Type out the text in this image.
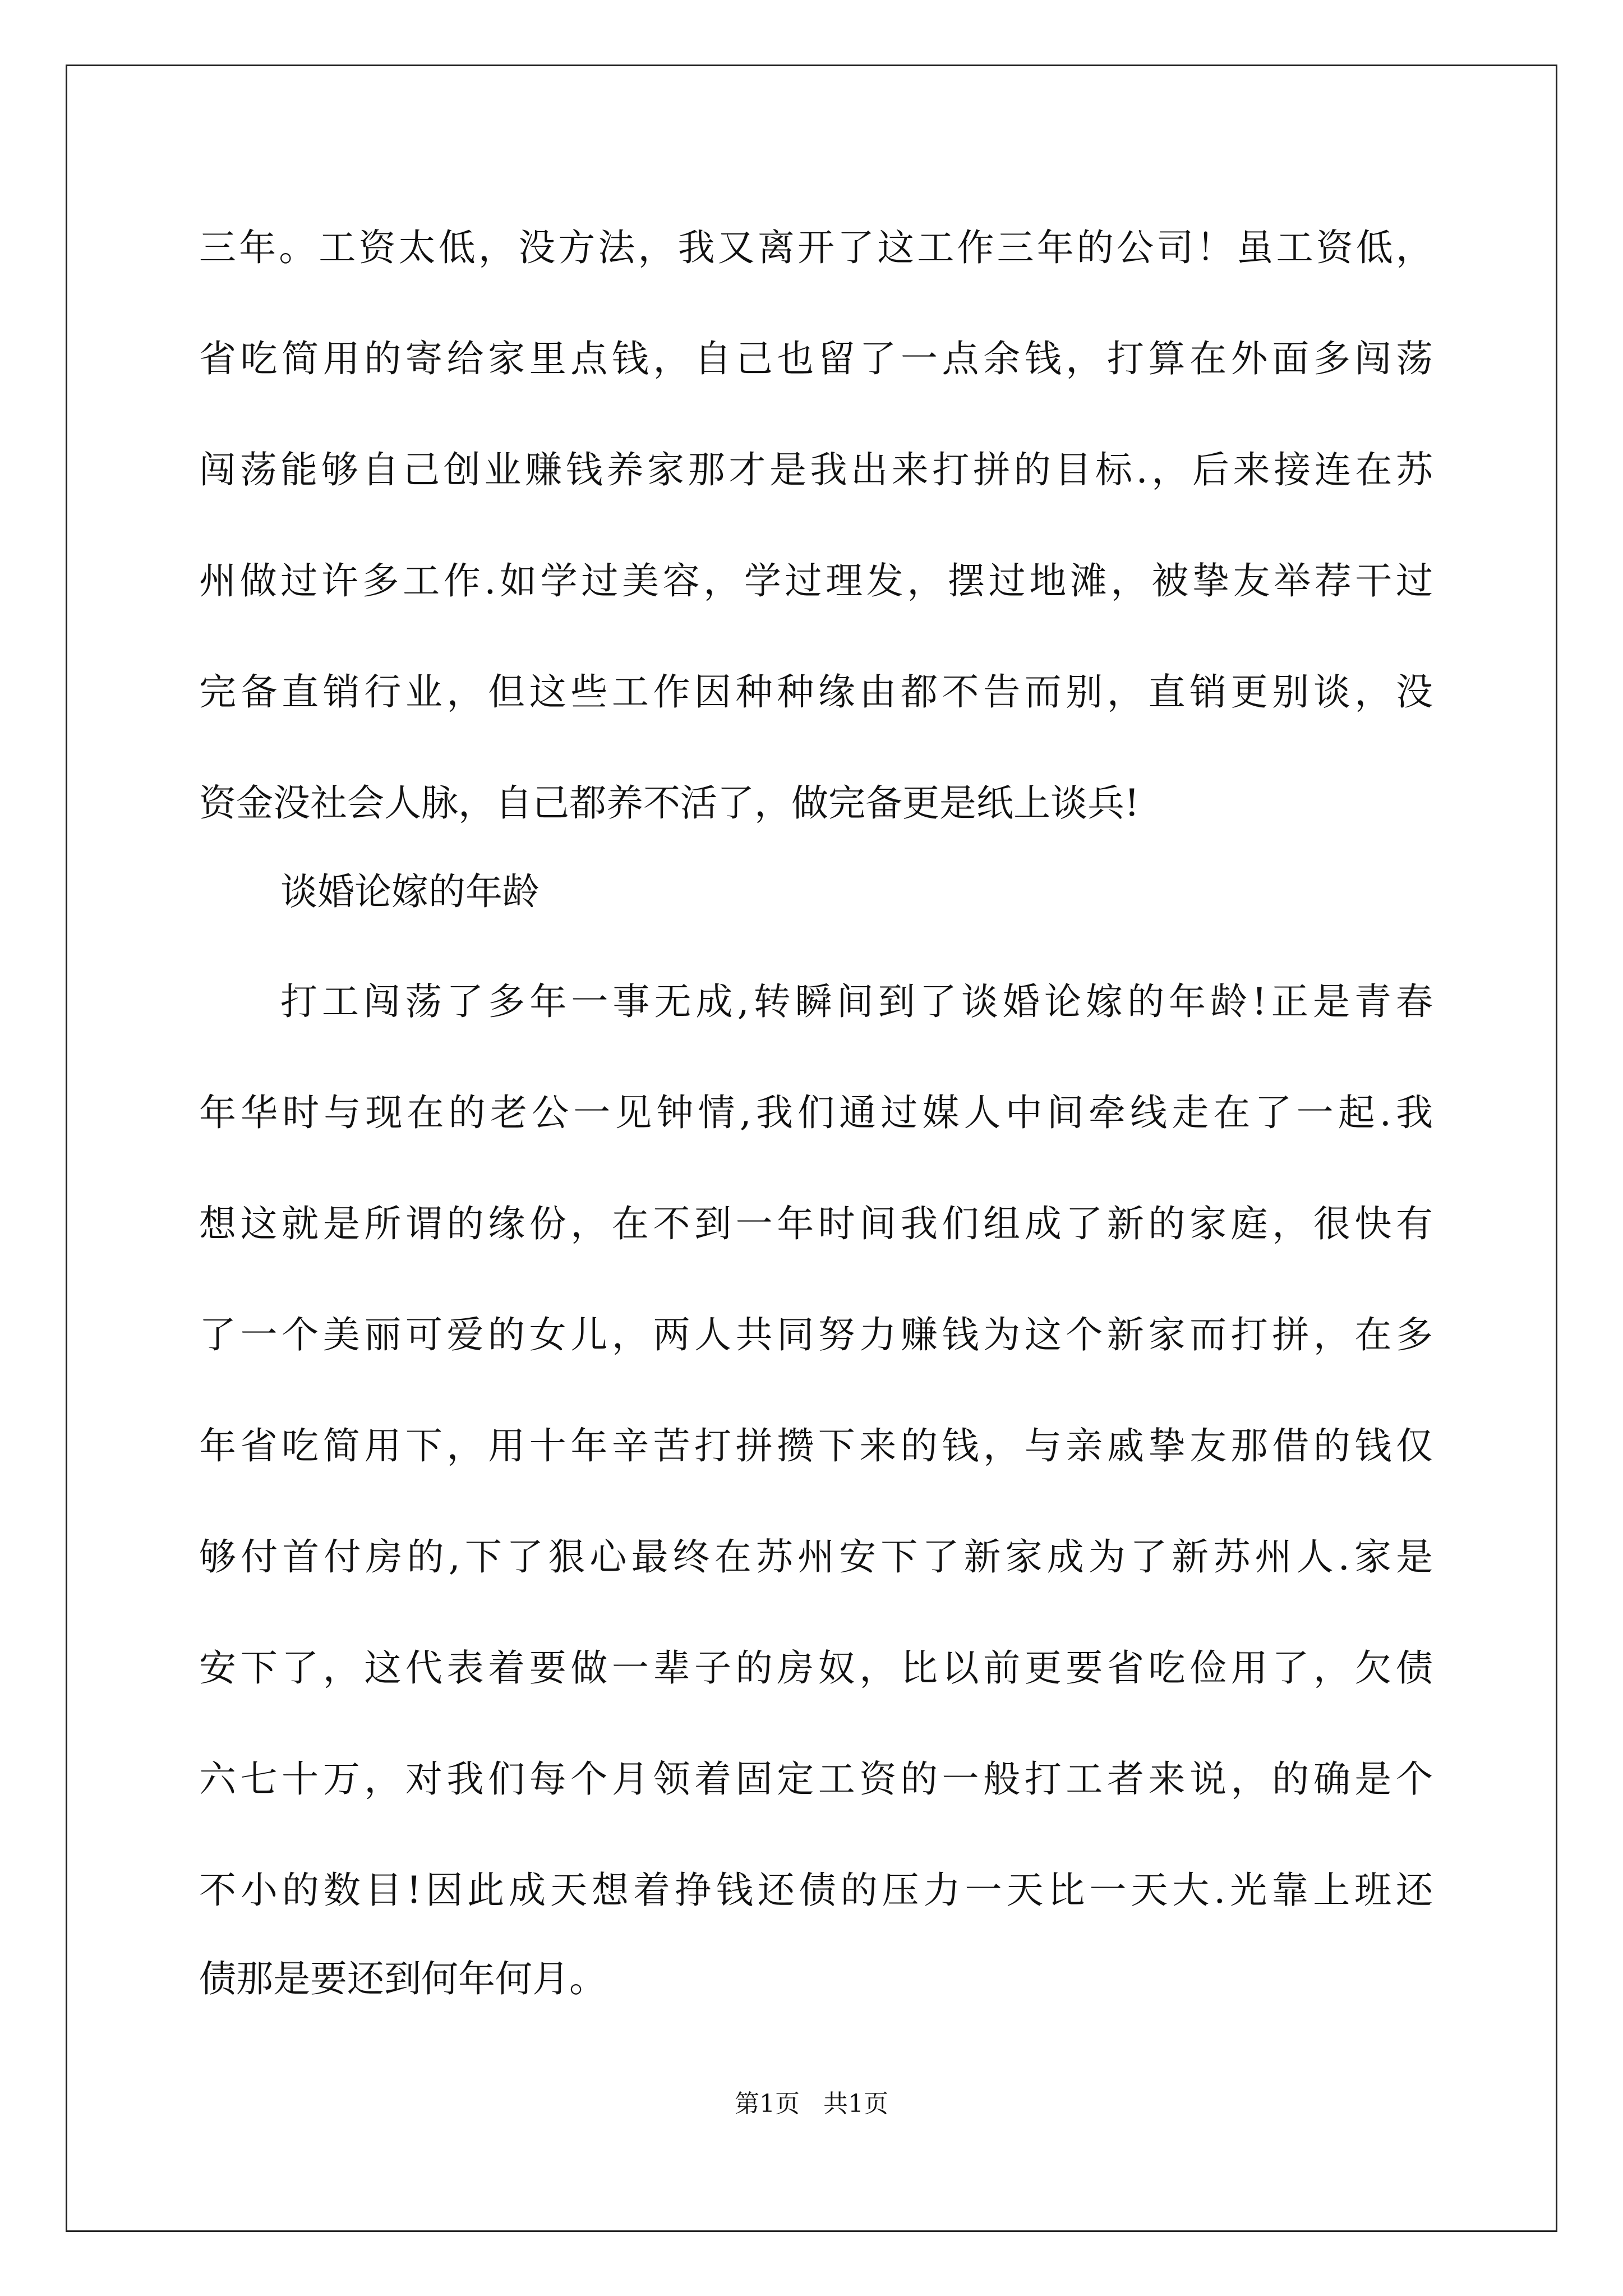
三年。工资太低，没方法，我又离开了这工作三年的公司！虽工资低，
省吃简用的寄给家里点钱，自己也留了一点余钱，打算在外面多闯荡
闯荡能够自己创业赚钱养家那才是我出来打拼的目标.，后来接连在苏
州做过许多工作.如学过美容，学过理发，摆过地滩，被挚友举荐干过
完备直销行业，但这些工作因种种缘由都不告而别，直销更别谈，没
资金没社会人脉，自己都养不活了，做完备更是纸上谈兵!
谈婚论嫁的年龄
打工闯荡了多年一事无成,转瞬间到了谈婚论嫁的年龄!正是青春
年华时与现在的老公一见钟情,我们通过媒人中间牵线走在了一起.我
想这就是所谓的缘份，在不到一年时间我们组成了新的家庭，很快有
了一个美丽可爱的女儿，两人共同努力赚钱为这个新家而打拼，在多
年省吃简用下，用十年辛苦打拼攒下来的钱，与亲戚挚友那借的钱仅
够付首付房的,下了狠心最终在苏州安下了新家成为了新苏州人.家是
安下了，这代表着要做一辈子的房奴，比以前更要省吃俭用了，欠债
六七十万，对我们每个月领着固定工资的一般打工者来说，的确是个
不小的数目!因此成天想着挣钱还债的压力一天比一天大.光靠上班还
债那是要还到何年何月。
第1页   共1页
